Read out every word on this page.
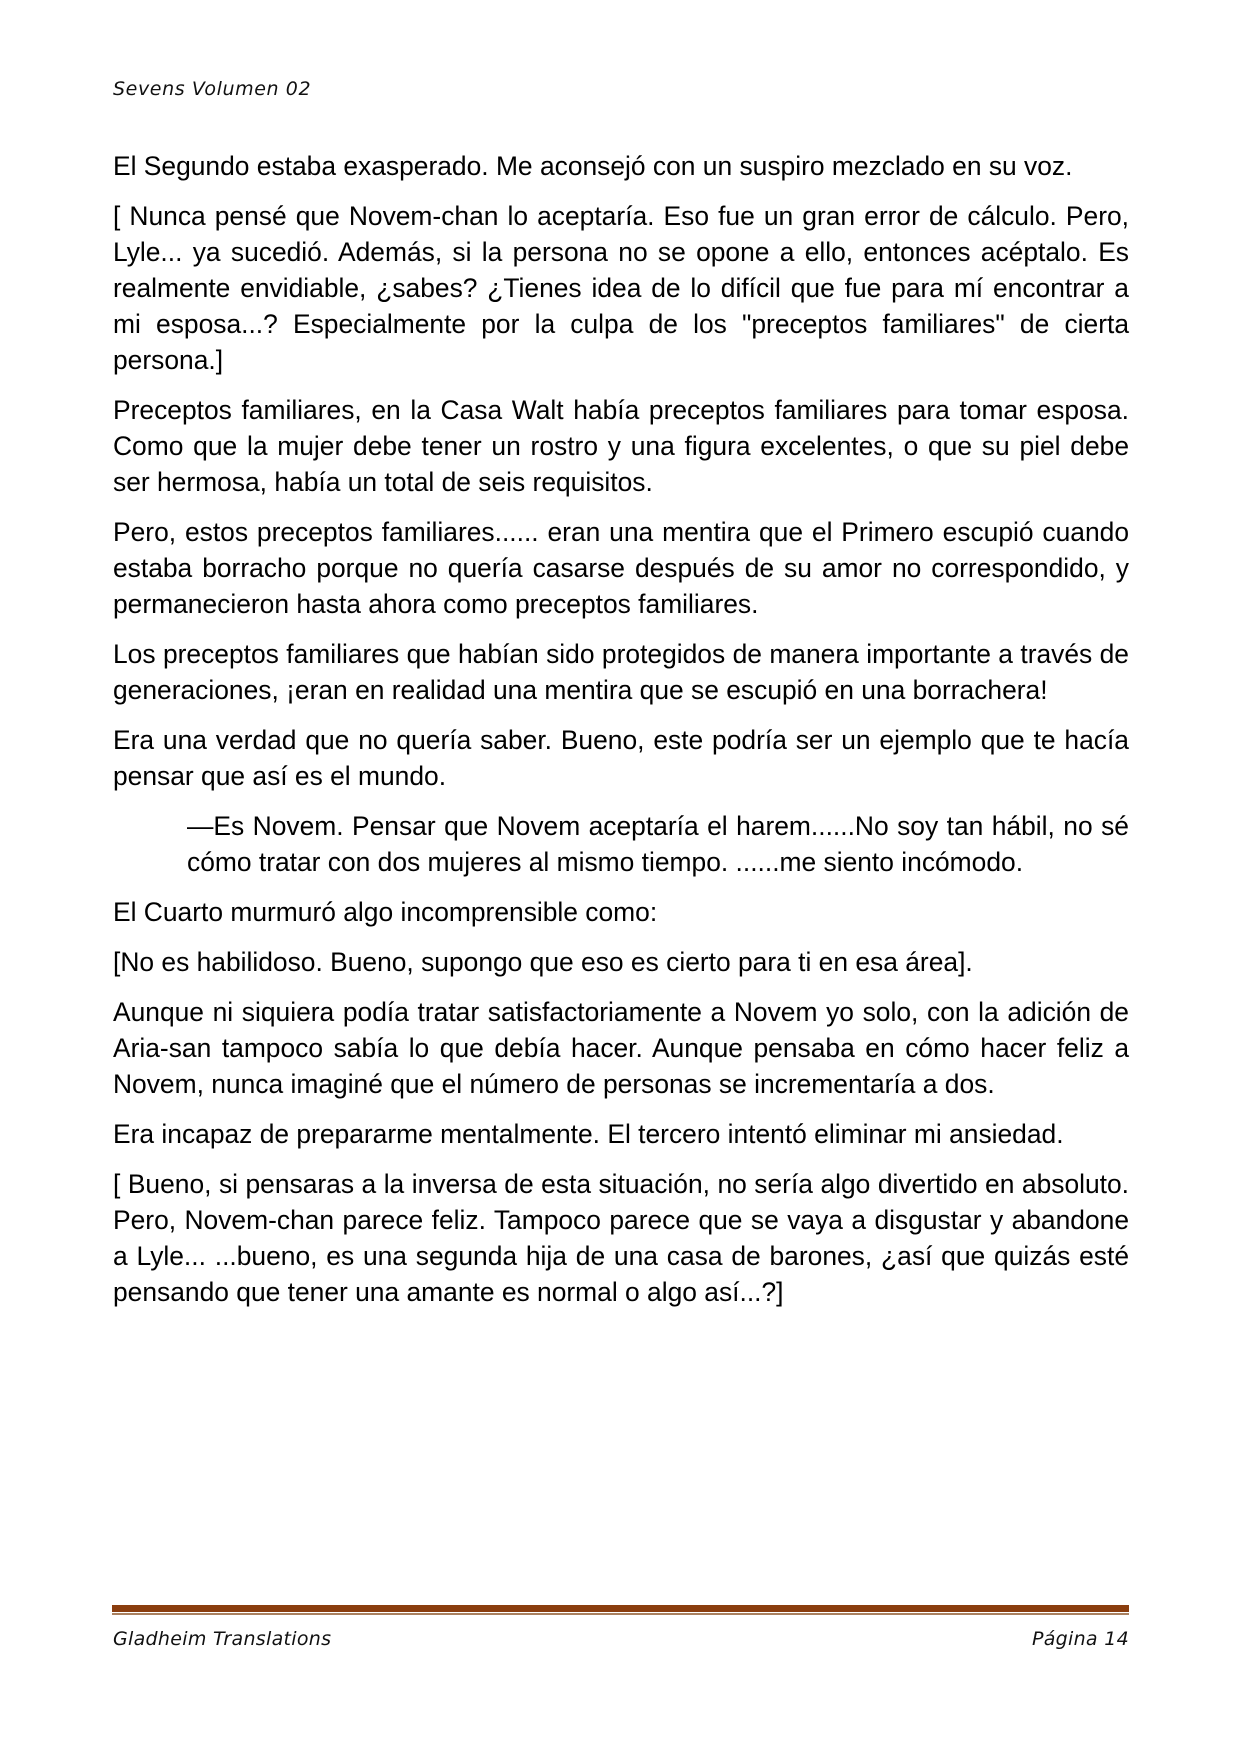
Sevens Volumen 02

El Segundo estaba exasperado. Me aconsejó con un suspiro mezclado en su voz.

[ Nunca pensé que Novem-chan lo aceptaría. Eso fue un gran error de cálculo. Pero, Lyle... ya sucedió. Además, si la persona no se opone a ello, entonces acéptalo. Es realmente envidiable, ¿sabes? ¿Tienes idea de lo difícil que fue para mí encontrar a mi esposa...? Especialmente por la culpa de los "preceptos familiares" de cierta persona.]

Preceptos familiares, en la Casa Walt había preceptos familiares para tomar esposa. Como que la mujer debe tener un rostro y una figura excelentes, o que su piel debe ser hermosa, había un total de seis requisitos.

Pero, estos preceptos familiares...... eran una mentira que el Primero escupió cuando estaba borracho porque no quería casarse después de su amor no correspondido, y permanecieron hasta ahora como preceptos familiares.

Los preceptos familiares que habían sido protegidos de manera importante a través de generaciones, ¡eran en realidad una mentira que se escupió en una borrachera!

Era una verdad que no quería saber. Bueno, este podría ser un ejemplo que te hacía pensar que así es el mundo.

—Es Novem. Pensar que Novem aceptaría el harem......No soy tan hábil, no sé cómo tratar con dos mujeres al mismo tiempo. ......me siento incómodo.

El Cuarto murmuró algo incomprensible como:

[No es habilidoso. Bueno, supongo que eso es cierto para ti en esa área].

Aunque ni siquiera podía tratar satisfactoriamente a Novem yo solo, con la adición de Aria-san tampoco sabía lo que debía hacer. Aunque pensaba en cómo hacer feliz a Novem, nunca imaginé que el número de personas se incrementaría a dos.

Era incapaz de prepararme mentalmente. El tercero intentó eliminar mi ansiedad.

[ Bueno, si pensaras a la inversa de esta situación, no sería algo divertido en absoluto. Pero, Novem-chan parece feliz. Tampoco parece que se vaya a disgustar y abandone a Lyle... ...bueno, es una segunda hija de una casa de barones, ¿así que quizás esté pensando que tener una amante es normal o algo así...?]

Gladheim Translations	Página 14
